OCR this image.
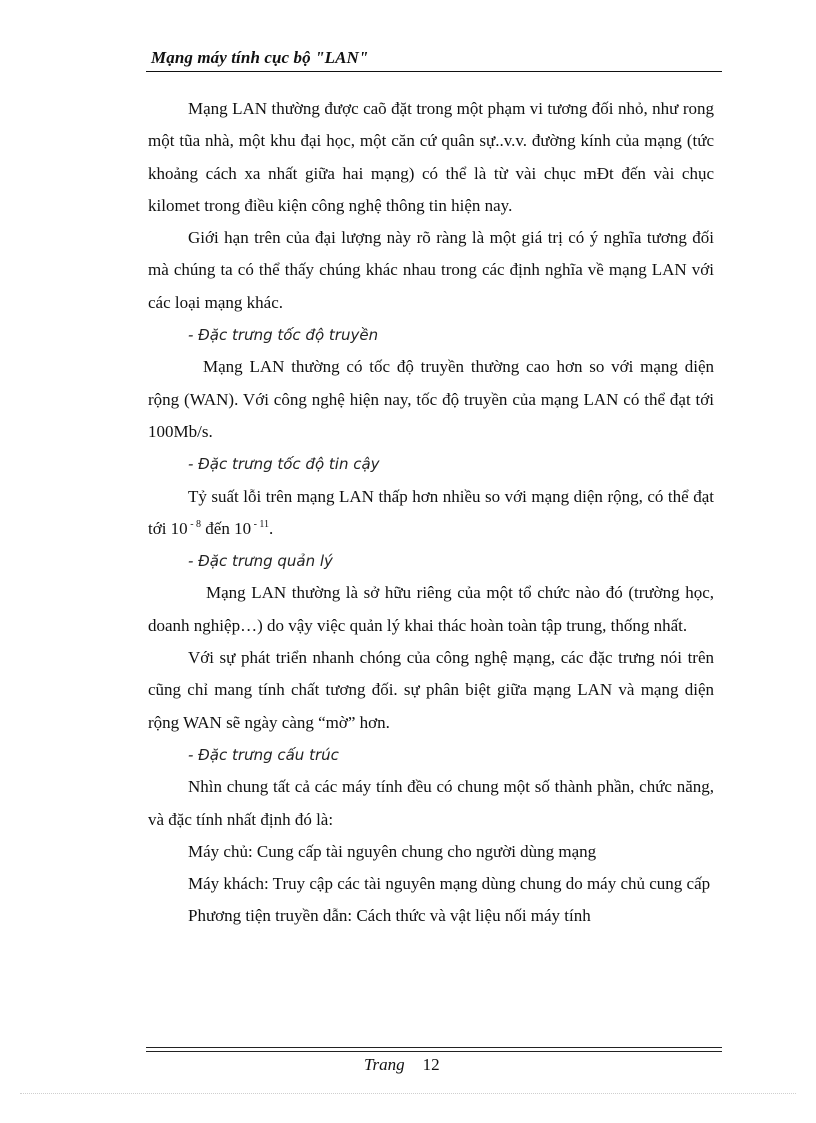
Mạng máy tính cục bộ "LAN"

Mạng LAN thường được caõ đặt trong một phạm vi tương đối nhỏ, như rong một tũa nhà, một khu đại học, một căn cứ quân sự..v.v. đường kính của mạng (tức khoảng cách xa nhất giữa hai mạng) có thể là từ vài chục mĐt đến vài chục kilomet trong điều kiện công nghệ thông tin hiện nay.

Giới hạn trên của đại lượng này rõ ràng là một giá trị có ý nghĩa tương đối mà chúng ta có thể thấy chúng khác nhau trong các định nghĩa về mạng LAN với các loại mạng khác.

- Đặc trưng tốc độ truyền

Mạng LAN thường có tốc độ truyền thường cao hơn so với mạng diện rộng (WAN). Với công nghệ hiện nay, tốc độ truyền của mạng LAN có thể đạt tới 100Mb/s.

- Đặc trưng tốc độ tin cậy

Tỷ suất lỗi trên mạng LAN thấp hơn nhiều so với mạng diện rộng, có thể đạt tới 10 $^{- 8}$ đến 10 $^{- 11}$.

- Đặc trưng quản lý

Mạng LAN thường là sở hữu riêng của một tổ chức nào đó (trường học, doanh nghiệp…) do vậy việc quản lý khai thác hoàn toàn tập trung, thống nhất.

Với sự phát triển nhanh chóng của công nghệ mạng, các đặc trưng nói trên cũng chỉ mang tính chất tương đối. sự phân biệt giữa mạng LAN và mạng diện rộng WAN sẽ ngày càng “mờ” hơn.

- Đặc trưng cấu trúc

Nhìn chung tất cả các máy tính đều có chung một số thành phần, chức năng, và đặc tính nhất định đó là:

Máy chủ: Cung cấp tài nguyên chung cho người dùng mạng

Máy khách: Truy cập các tài nguyên mạng dùng chung do máy chủ cung cấp

Phương tiện truyền dẫn: Cách thức và vật liệu nối máy tính

Trang 12
